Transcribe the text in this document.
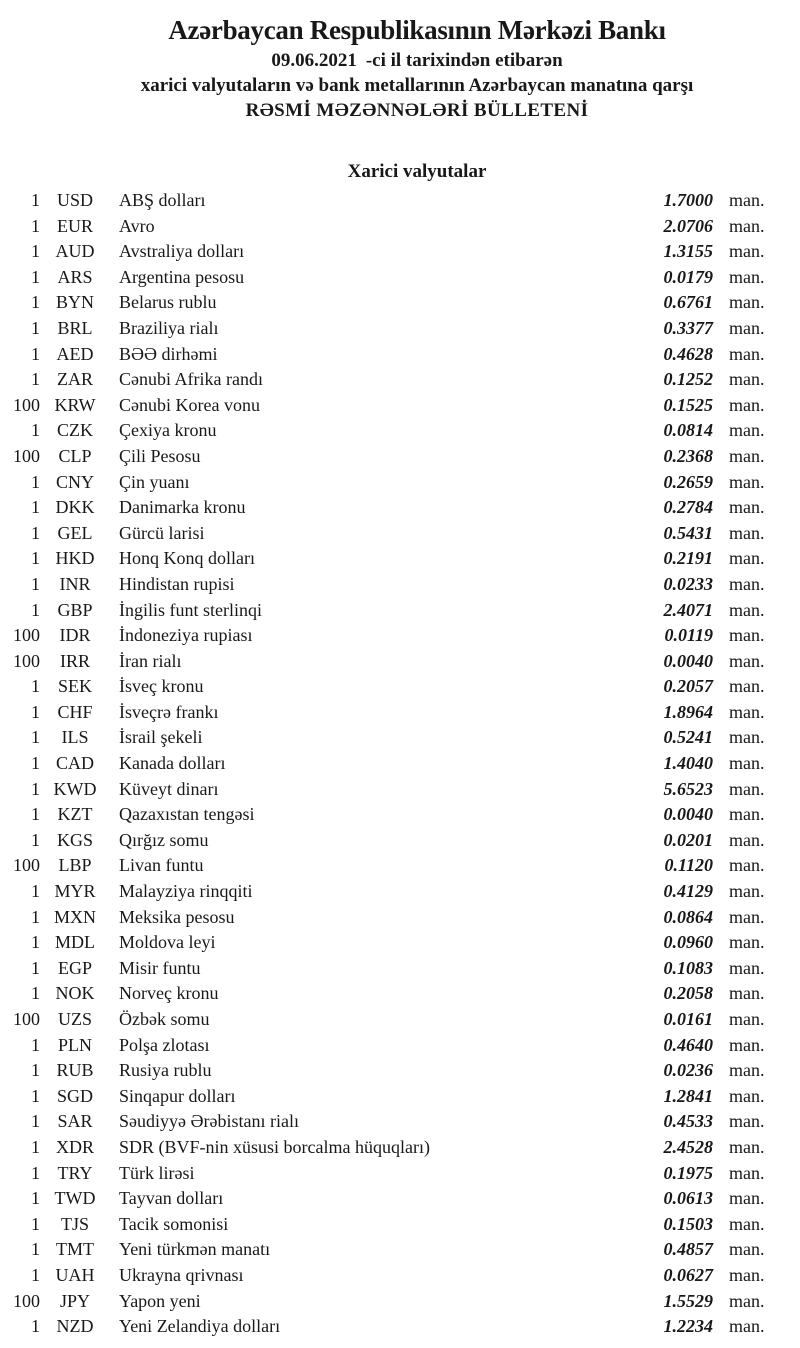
Azərbaycan Respublikasının Mərkəzi Bankı
09.06.2021 -ci il tarixindən etibarən
xarici valyutaların və bank metallarının Azərbaycan manatına qarşı
RƏSMİ MƏZƏNNƏLƏRİ BÜLLETENİ
Xarici valyutalar
1 USD	ABŞ dolları	1.7000 man.
1 EUR	Avro	2.0706 man.
1 AUD	Avstraliya dolları	1.3155 man.
1 ARS	Argentina pesosu	0.0179 man.
1 BYN	Belarus rublu	0.6761 man.
1 BRL	Braziliya rialı	0.3377 man.
1 AED	BƏƏ dirhəmi	0.4628 man.
1 ZAR	Cənubi Afrika randı	0.1252 man.
100 KRW	Cənubi Korea vonu	0.1525 man.
1 CZK	Çexiya kronu	0.0814 man.
100	CLP	Çili Pesosu	0.2368 man.
1 CNY	Çin yuanı	0.2659 man.
1 DKK	Danimarka kronu	0.2784 man.
1 GEL	Gürcü larisi	0.5431 man.
1 HKD	Honq Konq dolları	0.2191 man.
1	INR	Hindistan rupisi	0.0233 man.
1 GBP	İngilis funt sterlinqi	2.4071 man.
100	IDR	İndoneziya rupiası	0.0119 man.
100	IRR	İran rialı	0.0040 man.
1 SEK	İsveç kronu	0.2057 man.
1 CHF	İsveçrə frankı	1.8964 man.
1	ILS	İsrail şekeli	0.5241 man.
1 CAD	Kanada dolları	1.4040 man.
1 KWD	Küveyt dinarı	5.6523 man.
1 KZT	Qazaxıstan tengəsi	0.0040 man.
1 KGS	Qırğız somu	0.0201 man.
100	LBP	Livan funtu	0.1120 man.
1 MYR	Malayziya rinqqiti	0.4129 man.
1 MXN	Meksika pesosu	0.0864 man.
1 MDL	Moldova leyi	0.0960 man.
1 EGP	Misir funtu	0.1083 man.
1 NOK	Norveç kronu	0.2058 man.
100 UZS	Özbək somu	0.0161 man.
1 PLN	Polşa zlotası	0.4640 man.
1 RUB	Rusiya rublu	0.0236 man.
1 SGD	Sinqapur dolları	1.2841 man.
1 SAR	Səudiyyə Ərəbistanı rialı	0.4533 man.
1 XDR	SDR (BVF-nin xüsusi borcalma hüquqları)	2.4528 man.
1 TRY	Türk lirəsi	0.1975 man.
1 TWD	Tayvan dolları	0.0613 man.
1	TJS	Tacik somonisi	0.1503 man.
1 TMT	Yeni türkmən manatı	0.4857 man.
1 UAH	Ukrayna qrivnası	0.0627 man.
100	JPY	Yapon yeni	1.5529 man.
1 NZD	Yeni Zelandiya dolları	1.2234 man.
